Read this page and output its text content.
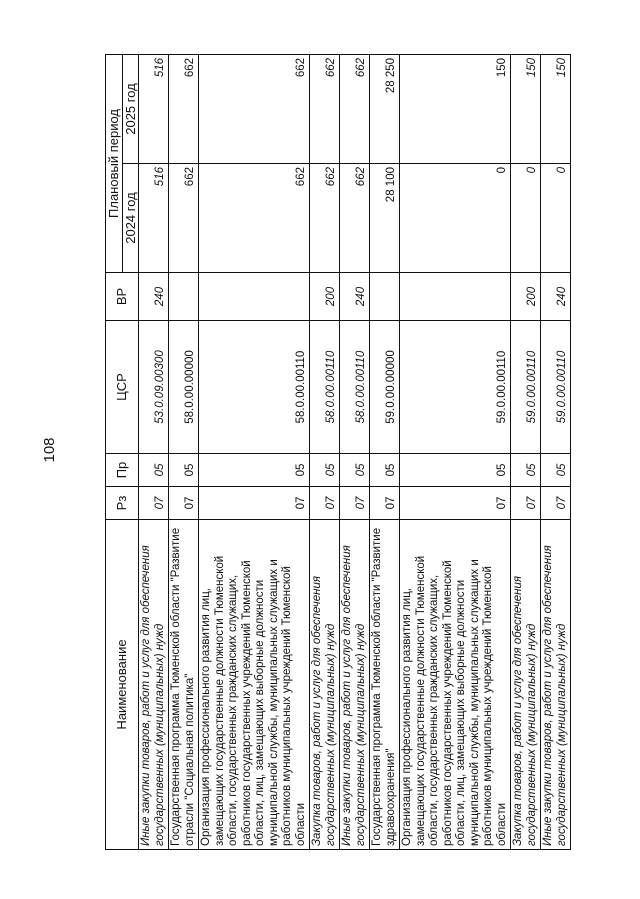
108
Наименование	Рз	Пр	ЦСР	ВР	Плановый период	
					2024 год	2025 год
Иные закупки товаров, работ и услуг для обеспечения государственных (муниципальных) нужд	07	05	53.0.09.00300	240	516	516
Государственная программа Тюменской области "Развитие отрасли "Социальная политика"	07	05	58.0.00.00000		662	662
Организация профессионального развития лиц, замещающих государственные должности Тюменской области, государственных гражданских служащих, работников государственных учреждений Тюменской области, лиц, замещающих выборные должности муниципальной службы, муниципальных служащих и работников муниципальных учреждений Тюменской области	07	05	58.0.00.00110		662	662
Закупка товаров, работ и услуг для обеспечения государственных (муниципальных) нужд	07	05	58.0.00.00110	200	662	662
Иные закупки товаров, работ и услуг для обеспечения государственных (муниципальных) нужд	07	05	58.0.00.00110	240	662	662
Государственная программа Тюменской области "Развитие здравоохранения"	07	05	59.0.00.00000		28 100	28 250
Организация профессионального развития лиц, замещающих государственные должности Тюменской области, государственных гражданских служащих, работников государственных учреждений Тюменской области, лиц, замещающих выборные должности муниципальной службы, муниципальных служащих и работников муниципальных учреждений Тюменской области	07	05	59.0.00.00110		0	150
Закупка товаров, работ и услуг для обеспечения государственных (муниципальных) нужд	07	05	59.0.00.00110	200	0	150
Иные закупки товаров, работ и услуг для обеспечения государственных (муниципальных) нужд	07	05	59.0.00.00110	240	0	150
